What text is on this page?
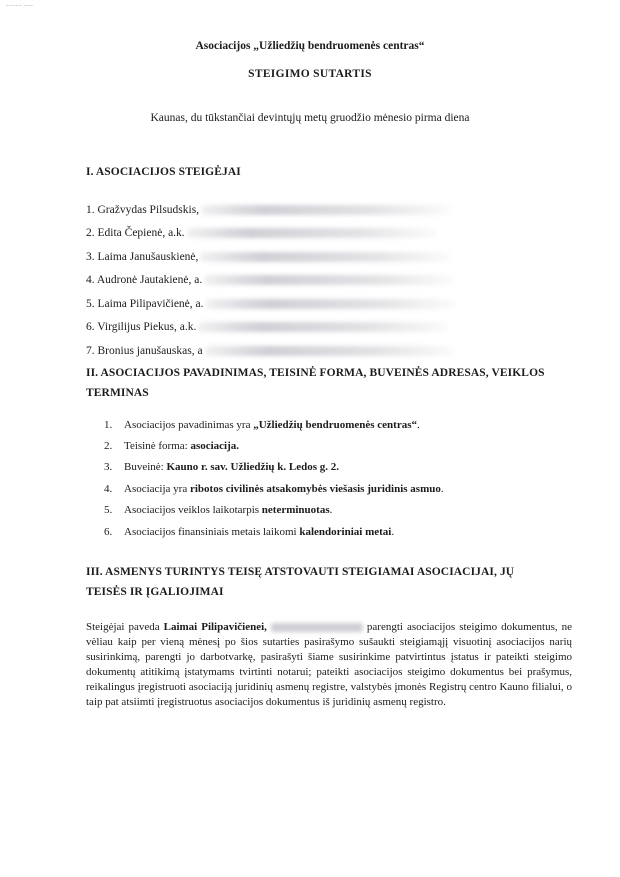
~~~~~ ~~~
Asociacijos „Užliedžių bendruomenės centras“
STEIGIMO SUTARTIS
Kaunas, du tūkstančiai devintųjų metų gruodžio mėnesio pirma diena
I. ASOCIACIJOS STEIGĖJAI
1. Gražvydas Pilsudskis,
2. Edita Čepienė, a.k.
3. Laima Janušauskienė,
4. Audronė Jautakienė, a.
5. Laima Pilipavičienė, a.
6. Virgilijus Piekus, a.k.
7. Bronius janušauskas, a
II. ASOCIACIJOS PAVADINIMAS, TEISINĖ FORMA, BUVEINĖS ADRESAS, VEIKLOS
TERMINAS
1.	Asociacijos pavadinimas yra
„Užliedžių bendruomenės centras“ .
2.	Teisinė forma:
asociacija.
3.	Buveinė:
Kauno r. sav. Užliedžių k. Ledos g. 2.
4.	Asociacija yra
ribotos civilinės atsakomybės viešasis juridinis asmuo .
5.	Asociacijos veiklos laikotarpis
neterminuotas .
6.	Asociacijos finansiniais metais laikomi
kalendoriniai metai .
III. ASMENYS TURINTYS TEISĘ ATSTOVAUTI STEIGIAMAI ASOCIACIJAI, JŲ
TEISĖS IR ĮGALIOJIMAI
Steigėjai paveda Laimai Pilipavičienei,	parengti asociacijos steigimo dokumentus, ne vėliau kaip per vieną mėnesį po šios sutarties pasirašymo sušaukti steigiamąjį visuotinį asociacijos narių susirinkimą, parengti jo darbotvarkę, pasirašyti šiame susirinkime patvirtintus įstatus ir pateikti steigimo dokumentų atitikimą įstatymams tvirtinti notarui; pateikti asociacijos steigimo dokumentus bei prašymus, reikalingus įregistruoti asociaciją juridinių asmenų registre, valstybės įmonės Registrų centro Kauno filialui, o taip pat atsiimti įregistruotus asociacijos dokumentus iš juridinių asmenų registro.
